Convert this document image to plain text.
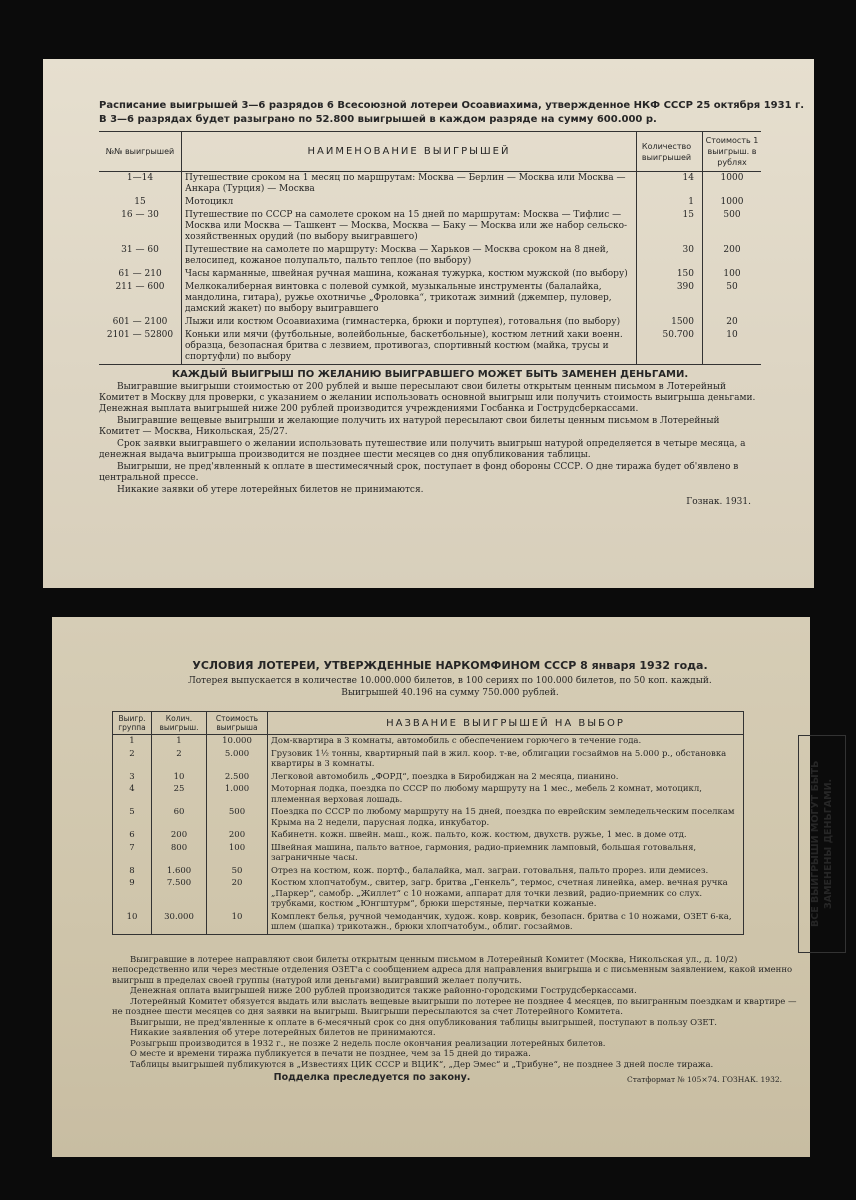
Расписание выигрышей 3—6 разрядов 6 Всесоюзной лотереи Осоавиахима, утвержденное НКФ СССР 25 октября 1931 г.

В 3—6 разрядах будет разыграно по 52.800 выигрышей в каждом разряде на сумму 600.000 р.

№№ выигрышей	НАИМЕНОВАНИЕ ВЫИГРЫШЕЙ	Количество выигрышей	Стоимость 1 выигрыш. в рублях
1—14	Путешествие сроком на 1 месяц по маршрутам: Москва — Берлин — Москва или Москва — Анкара (Турция) — Москва	14	1000
15	Мотоцикл	1	1000
16 — 30	Путешествие по СССР на самолете сроком на 15 дней по маршрутам: Москва — Тифлис — Москва или Москва — Ташкент — Москва, Москва — Баку — Москва или же набор сельско-хозяйственных орудий (по выбору выигравшего)	15	500
31 — 60	Путешествие на самолете по маршруту: Москва — Харьков — Москва сроком на 8 дней, велосипед, кожаное полупальто, пальто теплое (по выбору)	30	200
61 — 210	Часы карманные, швейная ручная машина, кожаная тужурка, костюм мужской (по выбору)	150	100
211 — 600	Мелкокалиберная винтовка с полевой сумкой, музыкальные инструменты (балалайка, мандолина, гитара), ружье охотничье „Фроловка“, трикотаж зимний (джемпер, пуловер, дамский жакет) по выбору выигравшего	390	50
601 — 2100	Лыжи или костюм Осоавиахима (гимнастерка, брюки и портупея), готовальня (по выбору)	1500	20
2101 — 52800	Коньки или мячи (футбольные, волейбольные, баскетбольные), костюм летний хаки военн. образца, безопасная бритва с лезвием, противогаз, спортивный костюм (майка, трусы и спортуфли) по выбору	50.700	10
КАЖДЫЙ ВЫИГРЫШ ПО ЖЕЛАНИЮ ВЫИГРАВШЕГО МОЖЕТ БЫТЬ ЗАМЕНЕН ДЕНЬГАМИ.

Выигравшие выигрыши стоимостью от 200 рублей и выше пересылают свои билеты открытым ценным письмом в Лотерейный Комитет в Москву для проверки, с указанием о желании использовать основной выигрыш или получить стоимость выигрыша деньгами. Денежная выплата выигрышей ниже 200 рублей производится учреждениями Госбанка и Гострудсберкассами.

Выигравшие вещевые выигрыши и желающие получить их натурой пересылают свои билеты ценным письмом в Лотерейный Комитет — Москва, Никольская, 25/27.

Срок заявки выигравшего о желании использовать путешествие или получить выигрыш натурой определяется в четыре месяца, а денежная выдача выигрыша производится не позднее шести месяцев со дня опубликования таблицы.

Выигрыши, не пред'явленный к оплате в шестимесячный срок, поступает в фонд обороны СССР. О дне тиража будет об'явлено в центральной прессе.

Никакие заявки об утере лотерейных билетов не принимаются.

Гознак. 1931.

УСЛОВИЯ ЛОТЕРЕИ, УТВЕРЖДЕННЫЕ НАРКОМФИНОМ СССР 8 января 1932 года.

Лотерея выпускается в количестве 10.000.000 билетов, в 100 сериях по 100.000 билетов, по 50 коп. каждый.

Выигрышей 40.196 на сумму 750.000 рублей.

Выигр. группа	Колич. выигрыш.	Стоимость выигрыша	НАЗВАНИЕ ВЫИГРЫШЕЙ НА ВЫБОР
1	1	10.000	Дом-квартира в 3 комнаты, автомобиль с обеспечением горючего в течение года.
2	2	5.000	Грузовик 1½ тонны, квартирный пай в жил. коop. т-ве, облигации госзаймов на 5.000 р., обстановка квартиры в 3 комнаты.
3	10	2.500	Легковой автомобиль „ФОРД“, поездка в Биробиджан на 2 месяца, пианино.
4	25	1.000	Моторная лодка, поездка по СССР по любому маршруту на 1 мес., мебель 2 комнат, мотоцикл, племенная верховая лошадь.
5	60	500	Поездка по СССР по любому маршруту на 15 дней, поездка по еврейским земледельческим поселкам Крыма на 2 недели, парусная лодка, инкубатор.
6	200	200	Кабинетн. кожн. швейн. маш., кож. пальто, кож. костюм, двухств. ружье, 1 мес. в доме отд.
7	800	100	Швейная машина, пальто ватное, гармония, радио-приемник ламповый, большая готовальня, заграничные часы.
8	1.600	50	Отрез на костюм, кож. портф., балалайка, мал. заграи. готовальня, пальто прорез. или демисез.
9	7.500	20	Костюм хлопчатобум., свитер, загр. бритва „Генкель“, термос, счетная линейка, амер. вечная ручка „Паркер“, самобр. „Жиллет“ с 10 ножами, аппарат для точки лезвий, радио-приемник со слух. трубками, костюм „Юнгштурм“, брюки шерстяные, перчатки кожаные.
10	30.000	10	Комплект белья, ручной чемоданчик, худож. ковр. коврик, безопасн. бритва с 10 ножами, ОЗЕТ 6-ка, шлем (шапка) трикотажн., брюки хлопчатобум., облиг. госзаймов.	ВСЕ ВЫИГРЫШИ МОГУТ БЫТЬ ЗАМЕНЕНЫ ДЕНЬГАМИ.

Выигравшие в лотерее направляют свои билеты открытым ценным письмом в Лотерейный Комитет (Москва, Никольская ул., д. 10/2) непосредственно или через местные отделения ОЗЕТ'а с сообщением адреса для направления выигрыша и с письменным заявлением, какой именно выигрыш в пределах своей группы (натурой или деньгами) выигравший желает получить.

Денежная оплата выигрышей ниже 200 рублей производится также районно-городскими Гострудсберкассами.

Лотерейный Комитет обязуется выдать или выслать вещевые выигрыши по лотерее не позднее 4 месяцев, по выигранным поездкам и квартире — не позднее шести месяцев со дня заявки на выигрыш. Выигрыши пересылаются за счет Лотерейного Комитета.

Выигрыши, не пред'явленные к оплате в 6-месячный срок со дня опубликования таблицы выигрышей, поступают в пользу ОЗЕТ.

Никакие заявления об утере лотерейных билетов не принимаются.

Розыгрыш производится в 1932 г., не позже 2 недель после окончания реализации лотерейных билетов.

О месте и времени тиража публикуется в печати не позднее, чем за 15 дней до тиража.

Таблицы выигрышей публикуются в „Известиях ЦИК СССР и ВЦИК“, „Дер Эмес“ и „Трибуне“, не позднее 3 дней после тиража.

Подделка преследуется по закону.	Статформат № 105×74. ГОЗНАК. 1932.
